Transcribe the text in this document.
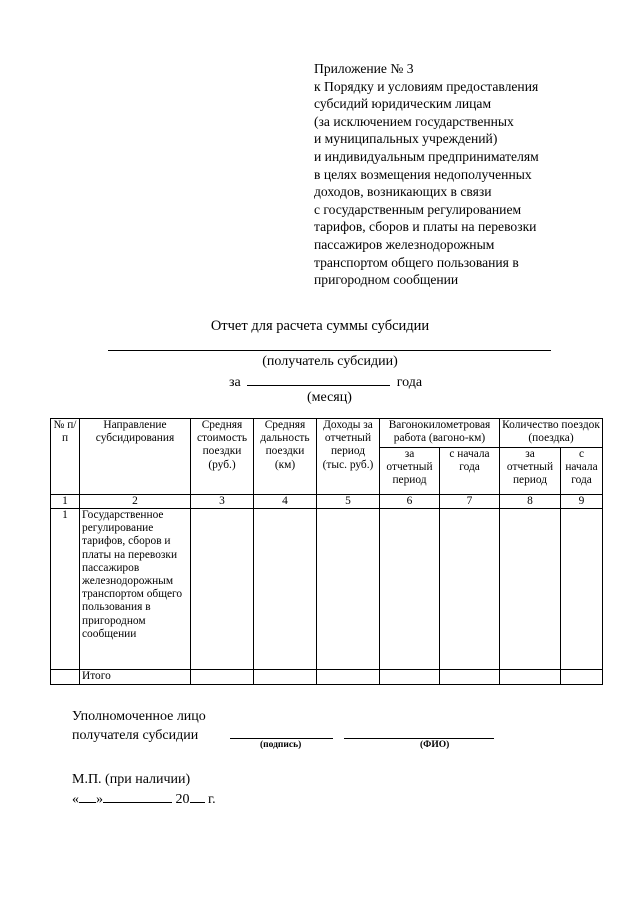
Приложение № 3
к Порядку и условиям предоставления
субсидий юридическим лицам
(за исключением государственных
и муниципальных учреждений)
и индивидуальным предпринимателям
в целях возмещения недополученных
доходов, возникающих в связи
с государственным регулированием
тарифов, сборов и платы на перевозки
пассажиров железнодорожным
транспортом общего пользования в
пригородном сообщении
Отчет для расчета суммы субсидии
(получатель субсидии)
за	года
(месяц)
№ п/п	Направление субсидирования	Средняя стоимость поездки (руб.)	Средняя дальность поездки (км)	Доходы за отчетный период (тыс. руб.)	Вагонокилометровая работа (вагоно-км)		Количество поездок (поездка)	
					за отчетный период	с начала года	за отчетный период	с начала года
1	2	3	4	5	6	7	8	9
1	Государственное регулирование тарифов, сборов и платы на перевозки пассажиров железнодорожным транспортом общего пользования в пригородном сообщении							
	Итого							
Уполномоченное лицо
получателя субсидии
(подпись)	(ФИО)
М.П. (при наличии)
« »	20 г.
